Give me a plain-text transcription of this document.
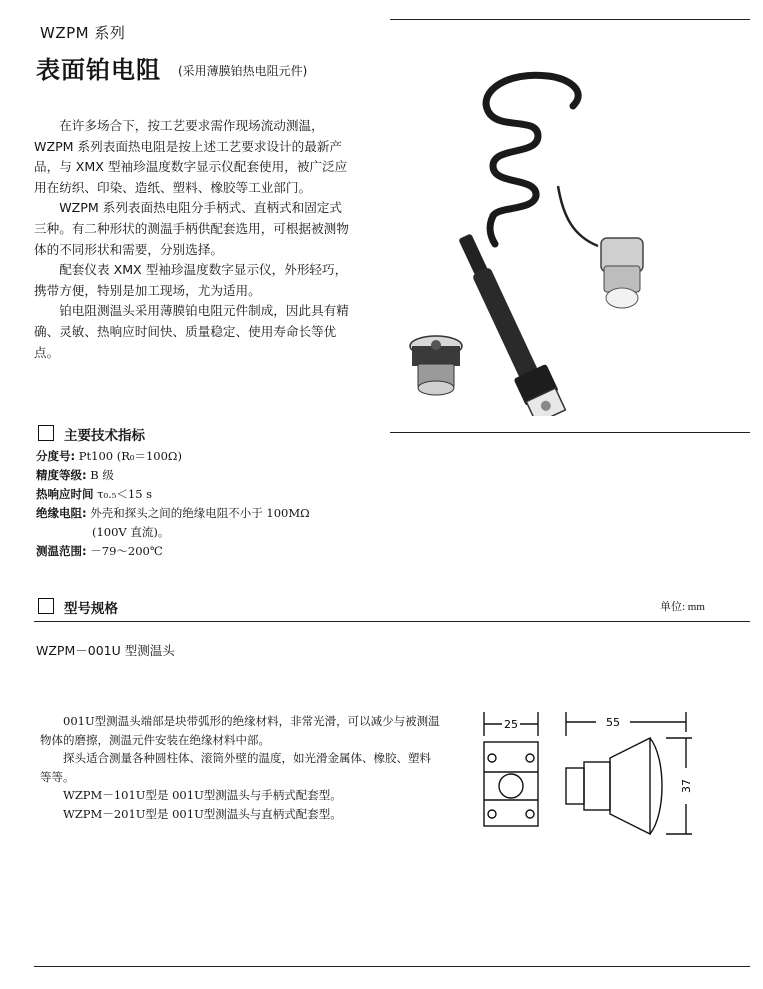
WZPM 系列
表面铂电阻 (采用薄膜铂热电阻元件)

在许多场合下，按工艺要求需作现场流动测温，WZPM 系列表面热电阻是按上述工艺要求设计的最新产品，与 XMX 型袖珍温度数字显示仪配套使用，被广泛应用在纺织、印染、造纸、塑料、橡胶等工业部门。

WZPM 系列表面热电阻分手柄式、直柄式和固定式三种。有二种形状的测温手柄供配套选用，可根据被测物体的不同形状和需要，分别选择。

配套仪表 XMX 型袖珍温度数字显示仪，外形轻巧，携带方便，特别是加工现场，尤为适用。

铂电阻测温头采用薄膜铂电阻元件制成，因此具有精确、灵敏、热响应时间快、质量稳定、使用寿命长等优点。

主要技术指标
分度号: Pt100 (R₀＝100Ω)
精度等级: B 级
热响应时间 τ₀.₅＜15 s
绝缘电阻: 外壳和探头之间的绝缘电阻不小于 100MΩ
(100V 直流)。
测温范围: －79～200℃
型号规格	单位: mm
WZPM－001U 型测温头

001U型测温头端部是块带弧形的绝缘材料，非常光滑，可以减少与被测温物体的磨擦，测温元件安装在绝缘材料中部。

探头适合测量各种圆柱体、滚筒外壁的温度，如光滑金属体、橡胶、塑料等等。

WZPM－101U型是 001U型测温头与手柄式配套型。

WZPM－201U型是 001U型测温头与直柄式配套型。

25	55
37
